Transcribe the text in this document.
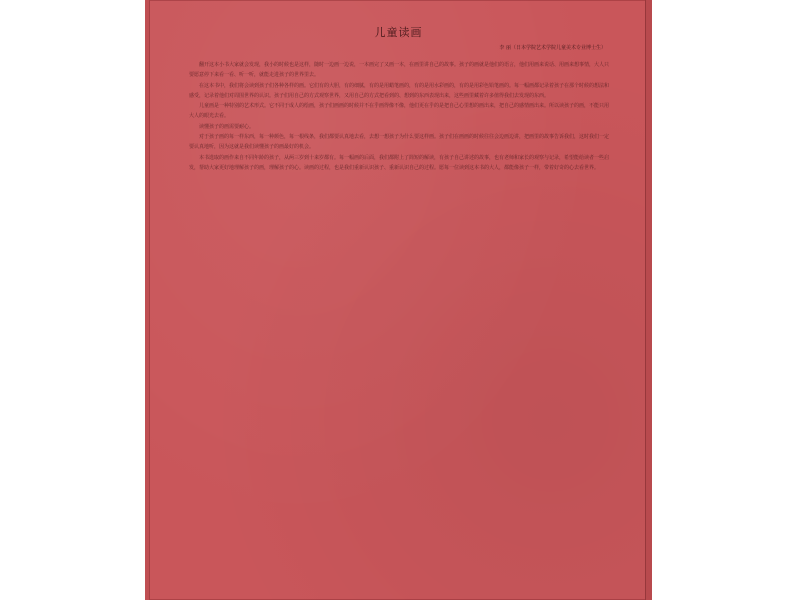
儿童读画
李 丽（日本学院艺术学院儿童美术专业博士生）

翻开这本小书大家就会发现，我小的时候也是这样，随时一边画一边说，一本画完了又画一本，在画里讲自己的故事。孩子的画就是他们的语言，他们用画来说话、用画来想事情，大人只要愿意停下来看一看、听一听，就能走进孩子的世界里去。

在这本书中，我们将会读到孩子们各种各样的画。它们有的大胆，有的细腻，有的是用蜡笔画的，有的是用水彩画的，有的是用彩色铅笔画的。每一幅画都记录着孩子在那个时候的想法和感受，记录着他们对周围世界的认识。孩子们用自己的方式观察世界，又用自己的方式把看到的、想到的东西表现出来，这些画里藏着许多值得我们去发现的东西。

儿童画是一种特别的艺术形式。它不同于成人的绘画，孩子们画画的时候并不在乎画得像不像，他们更在乎的是把自己心里想的画出来，把自己的感情画出来。所以读孩子的画，不能只用大人的眼光去看。

读懂孩子的画需要耐心。

对于孩子画的每一样东西，每一种颜色，每一根线条，我们都要认真地去看，去想一想孩子为什么要这样画。孩子们在画画的时候往往会边画边讲，把画里的故事告诉我们，这时我们一定要认真地听，因为这就是我们读懂孩子的画最好的机会。

本书选取的画作来自不同年龄的孩子，从两三岁到十来岁都有。每一幅画的后面，我们都附上了简短的解读，有孩子自己讲述的故事，也有老师和家长的观察与记录，希望能给读者一些启发，帮助大家更好地理解孩子的画，理解孩子的心。读画的过程，也是我们重新认识孩子、重新认识自己的过程。愿每一位读到这本书的大人，都能像孩子一样，带着好奇的心去看世界。
